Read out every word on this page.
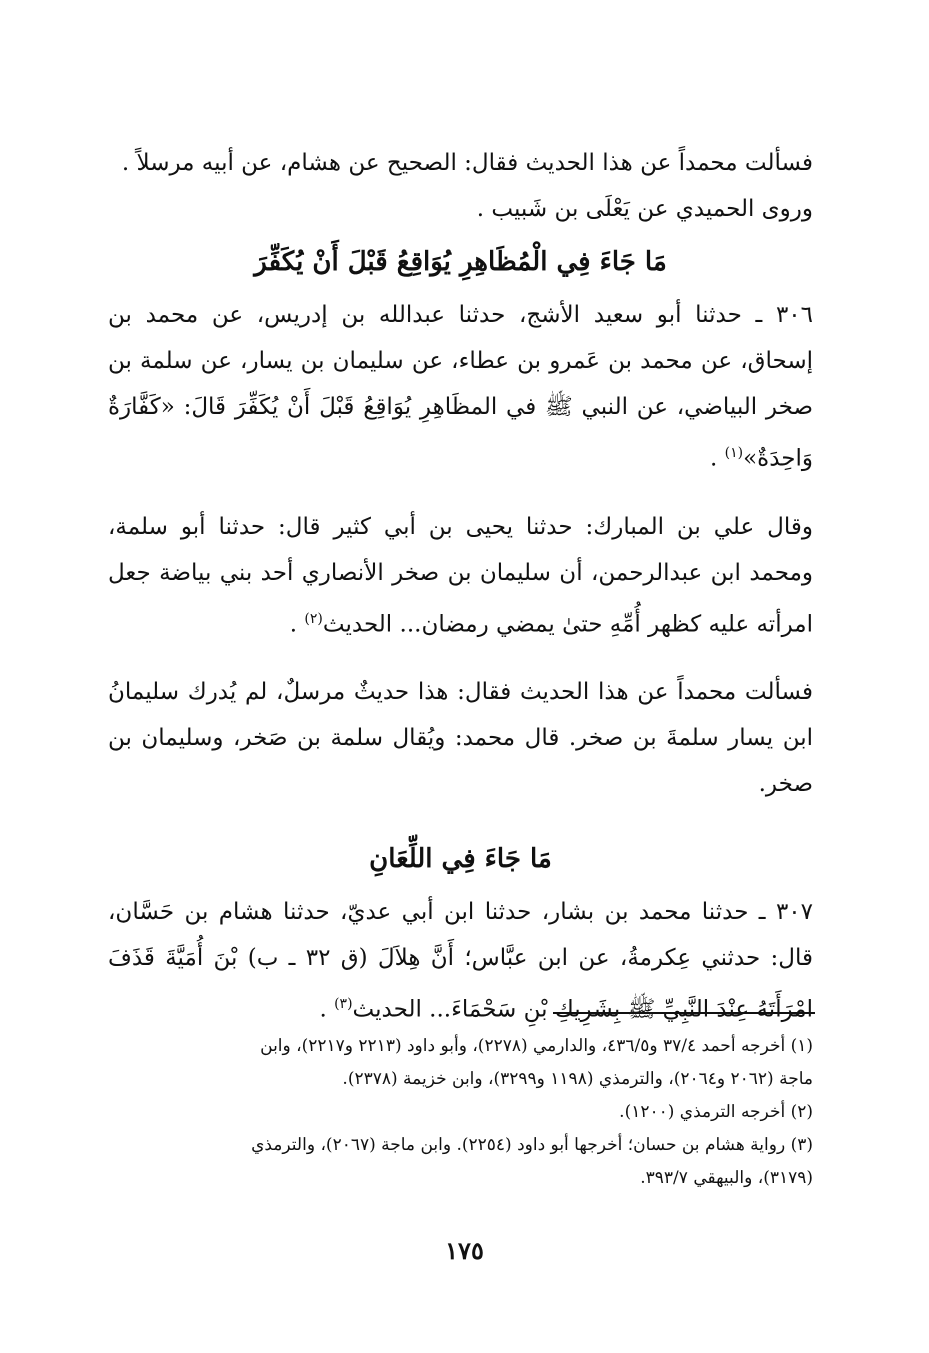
فسألت محمداً عن هذا الحديث فقال: الصحيح عن هشام، عن أبيه مرسلاً .

وروى الحميدي عن يَعْلَى بن شَبيب .

مَا جَاءَ فِي الْمُظَاهِرِ يُوَاقِعُ قَبْلَ أَنْ يُكَفِّرَ

٣٠٦ ـ حدثنا أبو سعيد الأشج، حدثنا عبدالله بن إدريس، عن محمد بن إسحاق، عن محمد بن عَمرو بن عطاء، عن سليمان بن يسار، عن سلمة بن صخر البياضي، عن النبي ﷺ في المظَاهِرِ يُوَاقِعُ قَبْلَ أَنْ يُكَفِّرَ قَالَ: «كَفَّارَةٌ وَاحِدَةٌ»$^{(١)}$ .

وقال علي بن المبارك: حدثنا يحيى بن أبي كثير قال: حدثنا أبو سلمة، ومحمد ابن عبدالرحمن، أن سليمان بن صخر الأنصاري أحد بني بياضة جعل امرأته عليه كظهر أُمِّهِ حتىٰ يمضي رمضان... الحديث$^{(٢)}$ .

فسألت محمداً عن هذا الحديث فقال: هذا حديثٌ مرسلٌ، لم يُدرك سليمانُ ابن يسار سلمةَ بن صخر. قال محمد: ويُقال سلمة بن صَخر، وسليمان بن صخر.

مَا جَاءَ فِي اللِّعَانِ

٣٠٧ ـ حدثنا محمد بن بشار، حدثنا ابن أبي عديّ، حدثنا هشام بن حَسَّان، قال: حدثني عِكرمةُ، عن ابن عبَّاس؛ أَنَّ هِلاَلَ (ق ٣٢ ـ ب) بْنَ أُمَيَّةَ قَذَفَ امْرَأَتَهُ عِنْدَ النَّبِيِّ ﷺ بِشَرِيكِ بْنِ سَحْمَاءَ... الحديث$^{(٣)}$ .

(١) أخرجه أحمد ٣٧/٤ و٤٣٦/٥، والدارمي (٢٢٧٨)، وأبو داود (٢٢١٣ و٢٢١٧)، وابن

ماجة (٢٠٦٢ و٢٠٦٤)، والترمذي (١١٩٨ و٣٢٩٩)، وابن خزيمة (٢٣٧٨).

(٢) أخرجه الترمذي (١٢٠٠).

(٣) رواية هشام بن حسان؛ أخرجها أبو داود (٢٢٥٤). وابن ماجة (٢٠٦٧)، والترمذي

(٣١٧٩)، والبيهقي ٣٩٣/٧.

١٧٥
